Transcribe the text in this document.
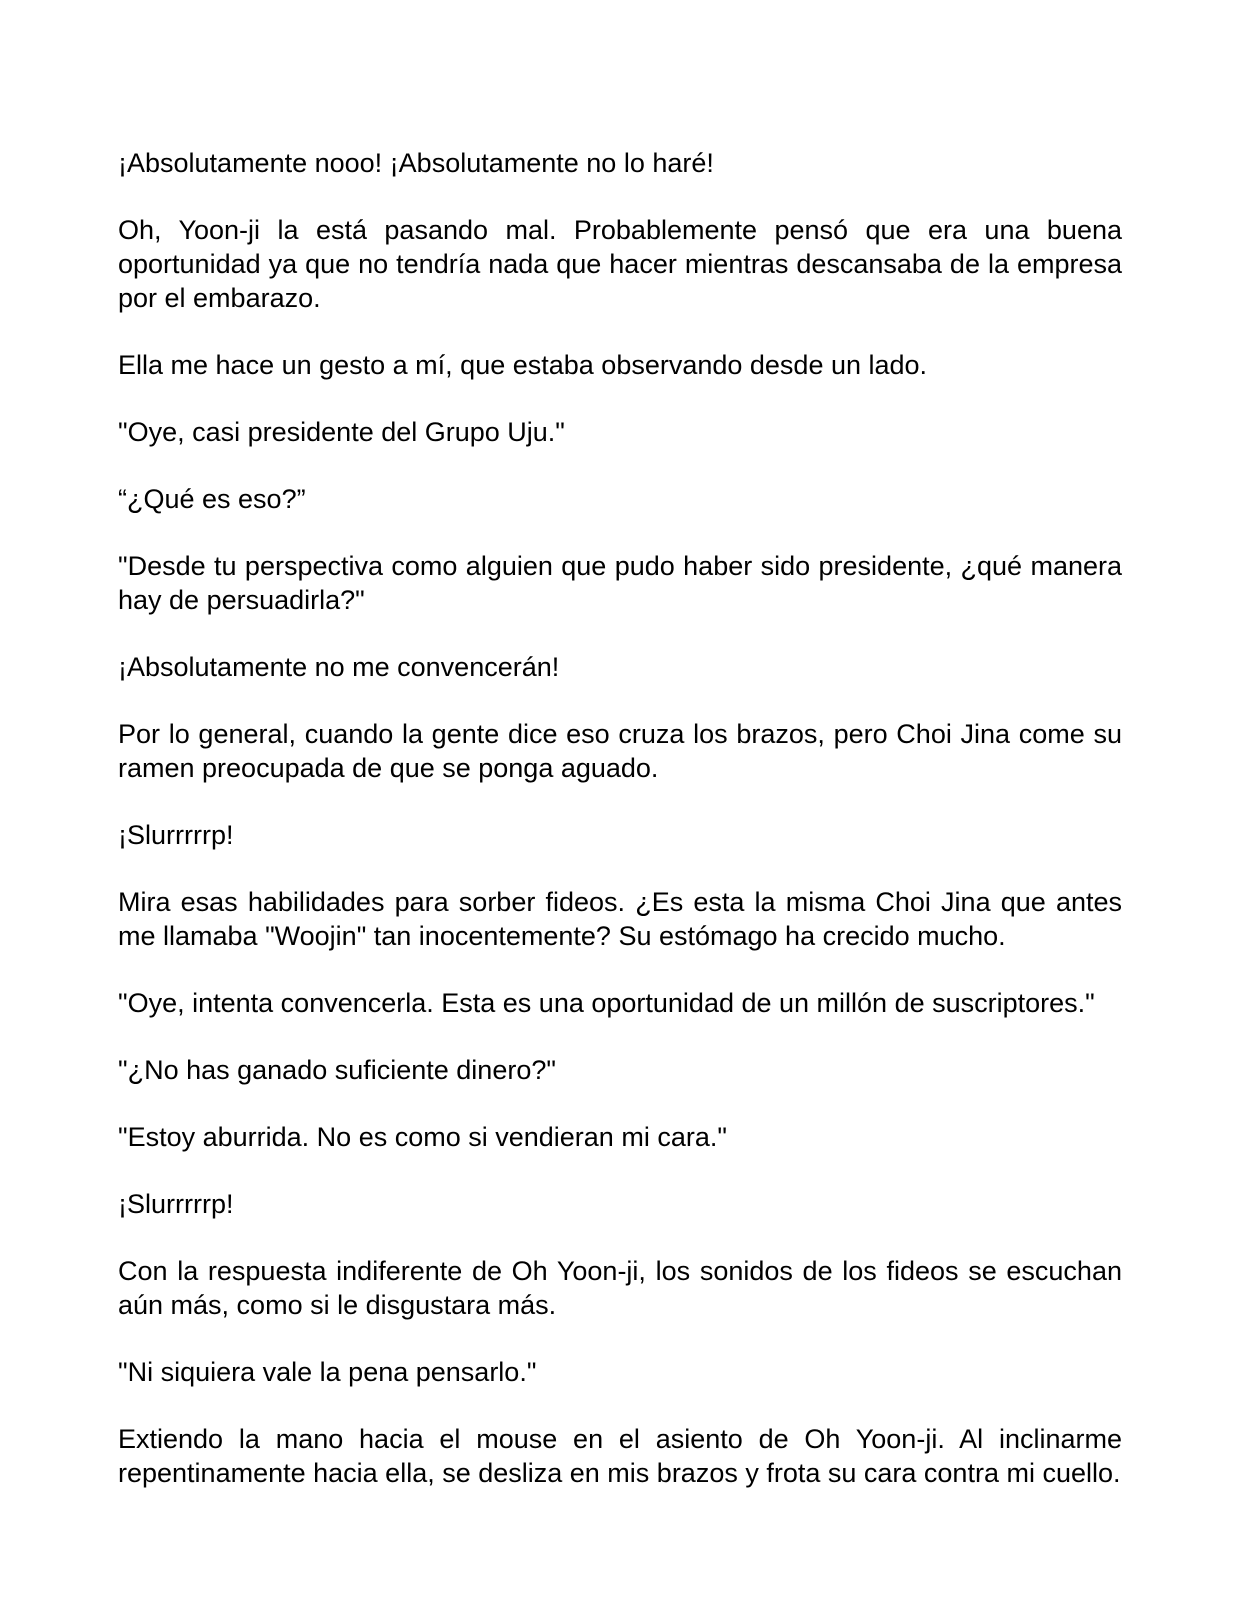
¡Absolutamente nooo! ¡Absolutamente no lo haré!

Oh, Yoon-ji la está pasando mal. Probablemente pensó que era una buena oportunidad ya que no tendría nada que hacer mientras descansaba de la empresa por el embarazo.

Ella me hace un gesto a mí, que estaba observando desde un lado.

"Oye, casi presidente del Grupo Uju."

“¿Qué es eso?”

"Desde tu perspectiva como alguien que pudo haber sido presidente, ¿qué manera hay de persuadirla?"

¡Absolutamente no me convencerán!

Por lo general, cuando la gente dice eso cruza los brazos, pero Choi Jina come su ramen preocupada de que se ponga aguado.

¡Slurrrrrp!

Mira esas habilidades para sorber fideos. ¿Es esta la misma Choi Jina que antes me llamaba "Woojin" tan inocentemente? Su estómago ha crecido mucho.

"Oye, intenta convencerla. Esta es una oportunidad de un millón de suscriptores."

"¿No has ganado suficiente dinero?"

"Estoy aburrida. No es como si vendieran mi cara."

¡Slurrrrrp!

Con la respuesta indiferente de Oh Yoon-ji, los sonidos de los fideos se escuchan aún más, como si le disgustara más.

"Ni siquiera vale la pena pensarlo."

Extiendo la mano hacia el mouse en el asiento de Oh Yoon-ji. Al inclinarme repentinamente hacia ella, se desliza en mis brazos y frota su cara contra mi cuello.
